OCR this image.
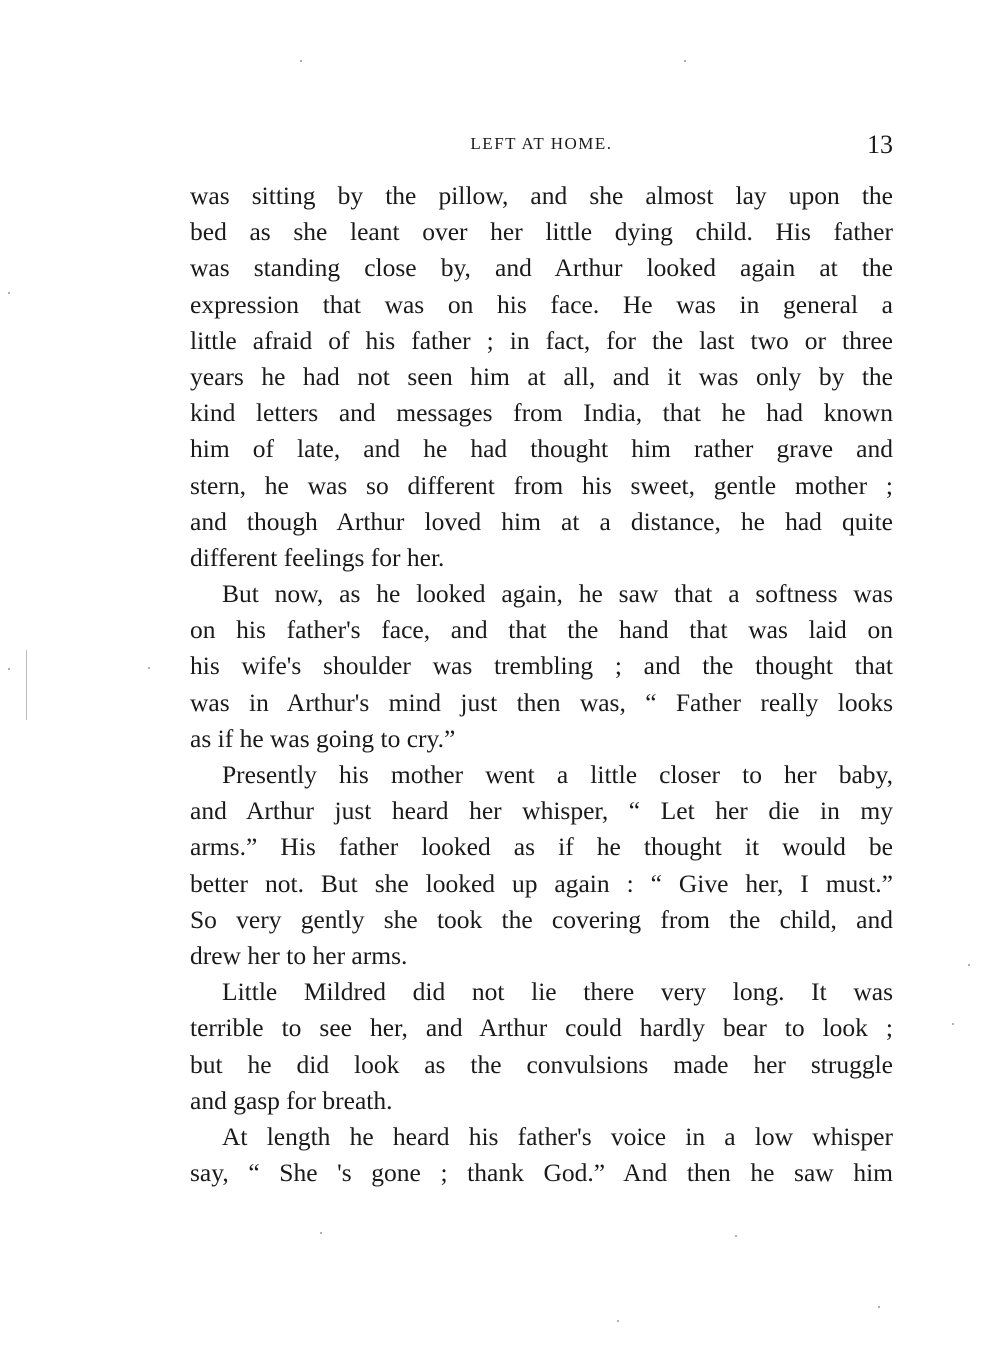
LEFT AT HOME.	13
was sitting by the pillow, and she almost lay upon the
bed as she leant over her little dying child. His father
was standing close by, and Arthur looked again at the
expression that was on his face. He was in general a
little afraid of his father ; in fact, for the last two or three
years he had not seen him at all, and it was only by the
kind letters and messages from India, that he had known
him of late, and he had thought him rather grave and
stern, he was so different from his sweet, gentle mother ;
and though Arthur loved him at a distance, he had quite
different feelings for her.
But now, as he looked again, he saw that a softness was
on his father's face, and that the hand that was laid on
his wife's shoulder was trembling ; and the thought that
was in Arthur's mind just then was, “ Father really looks
as if he was going to cry.”
Presently his mother went a little closer to her baby,
and Arthur just heard her whisper, “ Let her die in my
arms.” His father looked as if he thought it would be
better not. But she looked up again : “ Give her, I must.”
So very gently she took the covering from the child, and
drew her to her arms.
Little Mildred did not lie there very long. It was
terrible to see her, and Arthur could hardly bear to look ;
but he did look as the convulsions made her struggle
and gasp for breath.
At length he heard his father's voice in a low whisper
say, “ She 's gone ; thank God.” And then he saw him
